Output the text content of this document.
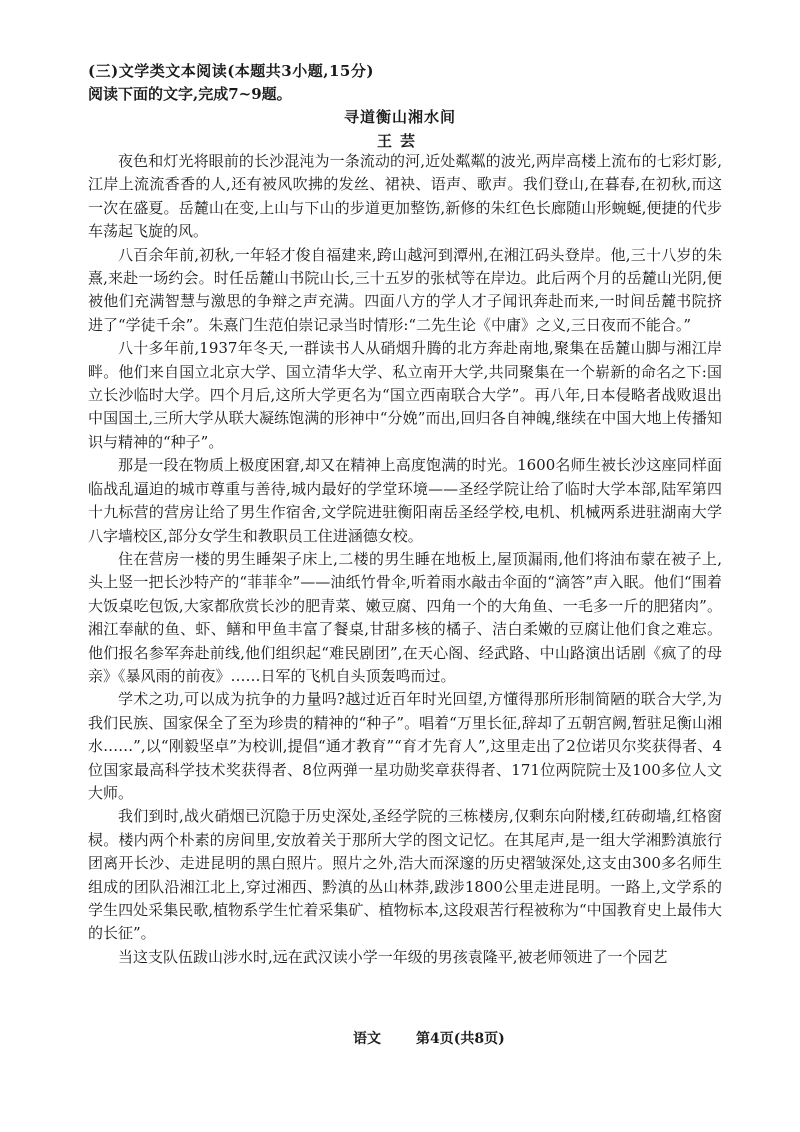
(三)文学类文本阅读(本题共3小题,15分)
阅读下面的文字,完成7~9题。
寻道衡山湘水间
王芸

夜色和灯光将眼前的长沙混沌为一条流动的河,近处粼粼的波光,两岸高楼上流布的七彩灯影,江岸上流流香香的人,还有被风吹拂的发丝、裙袂、语声、歌声。我们登山,在暮春,在初秋,而这一次在盛夏。岳麓山在变,上山与下山的步道更加整饬,新修的朱红色长廊随山形蜿蜒,便捷的代步车荡起飞旋的风。

八百余年前,初秋,一年轻才俊自福建来,跨山越河到潭州,在湘江码头登岸。他,三十八岁的朱熹,来赴一场约会。时任岳麓山书院山长,三十五岁的张栻等在岸边。此后两个月的岳麓山光阴,便被他们充满智慧与激思的争辩之声充满。四面八方的学人才子闻讯奔赴而来,一时间岳麓书院挤进了“学徒千余”。朱熹门生范伯崇记录当时情形:“二先生论《中庸》之义,三日夜而不能合。”

八十多年前,1937年冬天,一群读书人从硝烟升腾的北方奔赴南地,聚集在岳麓山脚与湘江岸畔。他们来自国立北京大学、国立清华大学、私立南开大学,共同聚集在一个崭新的命名之下:国立长沙临时大学。四个月后,这所大学更名为“国立西南联合大学”。再八年,日本侵略者战败退出中国国土,三所大学从联大凝练饱满的形神中“分娩”而出,回归各自神魄,继续在中国大地上传播知识与精神的“种子”。

那是一段在物质上极度困窘,却又在精神上高度饱满的时光。1600名师生被长沙这座同样面临战乱逼迫的城市尊重与善待,城内最好的学堂环境——圣经学院让给了临时大学本部,陆军第四十九标营的营房让给了男生作宿舍,文学院进驻衡阳南岳圣经学校,电机、机械两系进驻湖南大学八字墙校区,部分女学生和教职员工住进涵德女校。

住在营房一楼的男生睡架子床上,二楼的男生睡在地板上,屋顶漏雨,他们将油布蒙在被子上,头上竖一把长沙特产的“菲菲伞”——油纸竹骨伞,听着雨水敲击伞面的“滴答”声入眠。他们“围着大饭桌吃包饭,大家都欣赏长沙的肥青菜、嫩豆腐、四角一个的大角鱼、一毛多一斤的肥猪肉”。湘江奉献的鱼、虾、鳝和甲鱼丰富了餐桌,甘甜多核的橘子、洁白柔嫩的豆腐让他们食之难忘。他们报名参军奔赴前线,他们组织起“难民剧团”,在天心阁、经武路、中山路演出话剧《疯了的母亲》《暴风雨的前夜》……日军的飞机自头顶轰鸣而过。

学术之功,可以成为抗争的力量吗?越过近百年时光回望,方懂得那所形制简陋的联合大学,为我们民族、国家保全了至为珍贵的精神的“种子”。唱着“万里长征,辞却了五朝宫阙,暂驻足衡山湘水……”,以“刚毅坚卓”为校训,提倡“通才教育”“育才先育人”,这里走出了2位诺贝尔奖获得者、4位国家最高科学技术奖获得者、8位两弹一星功勋奖章获得者、171位两院院士及100多位人文大师。

我们到时,战火硝烟已沉隐于历史深处,圣经学院的三栋楼房,仅剩东向附楼,红砖砌墙,红格窗棂。楼内两个朴素的房间里,安放着关于那所大学的图文记忆。在其尾声,是一组大学湘黔滇旅行团离开长沙、走进昆明的黑白照片。照片之外,浩大而深邃的历史褶皱深处,这支由300多名师生组成的团队沿湘江北上,穿过湘西、黔滇的丛山林莽,跋涉1800公里走进昆明。一路上,文学系的学生四处采集民歌,植物系学生忙着采集矿、植物标本,这段艰苦行程被称为“中国教育史上最伟大的长征”。

当这支队伍跋山涉水时,远在武汉读小学一年级的男孩袁隆平,被老师领进了一个园艺

语文	第4页(共8页)
